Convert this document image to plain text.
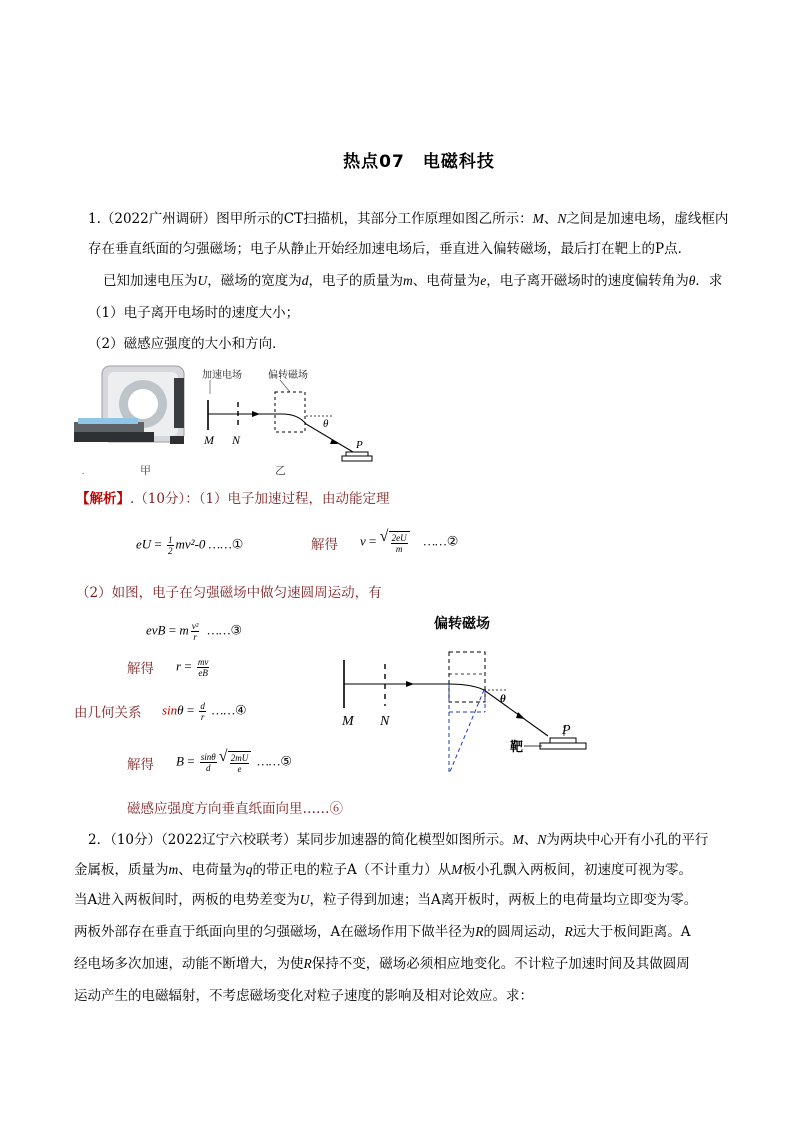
热点07 电磁科技
1.（2022广州调研）图甲所示的CT扫描机，其部分工作原理如图乙所示：M、N之间是加速电场，虚线框内
存在垂直纸面的匀强磁场；电子从静止开始经加速电场后，垂直进入偏转磁场，最后打在靶上的P点．
已知加速电压为U，磁场的宽度为d，电子的质量为m、电荷量为e，电子离开磁场时的速度偏转角为θ．求
（1）电子离开电场时的速度大小；
（2）磁感应强度的大小和方向．
.	甲	乙
加速电场	偏转磁场
θ
M N	P
【解析】.（10分）：（1）电子加速过程，由动能定理
eU = $\frac{1}{2} mv^2-0$ ……①	解得 v = √ $\frac{2eU}{m}$ ……②
（2）如图，电子在匀强磁场中做匀速圆周运动，有
evB = m $\frac{\text{v²}}{r}$ ……③
解得 $r = \frac{mv}{eB}$
由几何关系 $\sin\theta = \frac{d}{r}$ ……④
解得 $B = \frac{\sin\theta}{d}$ √ $\frac{2mU}{e}$ ……⑤
磁感应强度方向垂直纸面向里……⑥
偏转磁场
θ
M N
P
靶
2．（10分）（2022辽宁六校联考）某同步加速器的简化模型如图所示。M、N为两块中心开有小孔的平行
金属板，质量为m、电荷量为q的带正电的粒子A（不计重力）从M板小孔飘入两板间，初速度可视为零。
当A进入两板间时，两板的电势差变为U，粒子得到加速；当A离开板时，两板上的电荷量均立即变为零。
两板外部存在垂直于纸面向里的匀强磁场，A在磁场作用下做半径为R的圆周运动，R远大于板间距离。A
经电场多次加速，动能不断增大，为使R保持不变，磁场必须相应地变化。不计粒子加速时间及其做圆周
运动产生的电磁辐射，不考虑磁场变化对粒子速度的影响及相对论效应。求：
